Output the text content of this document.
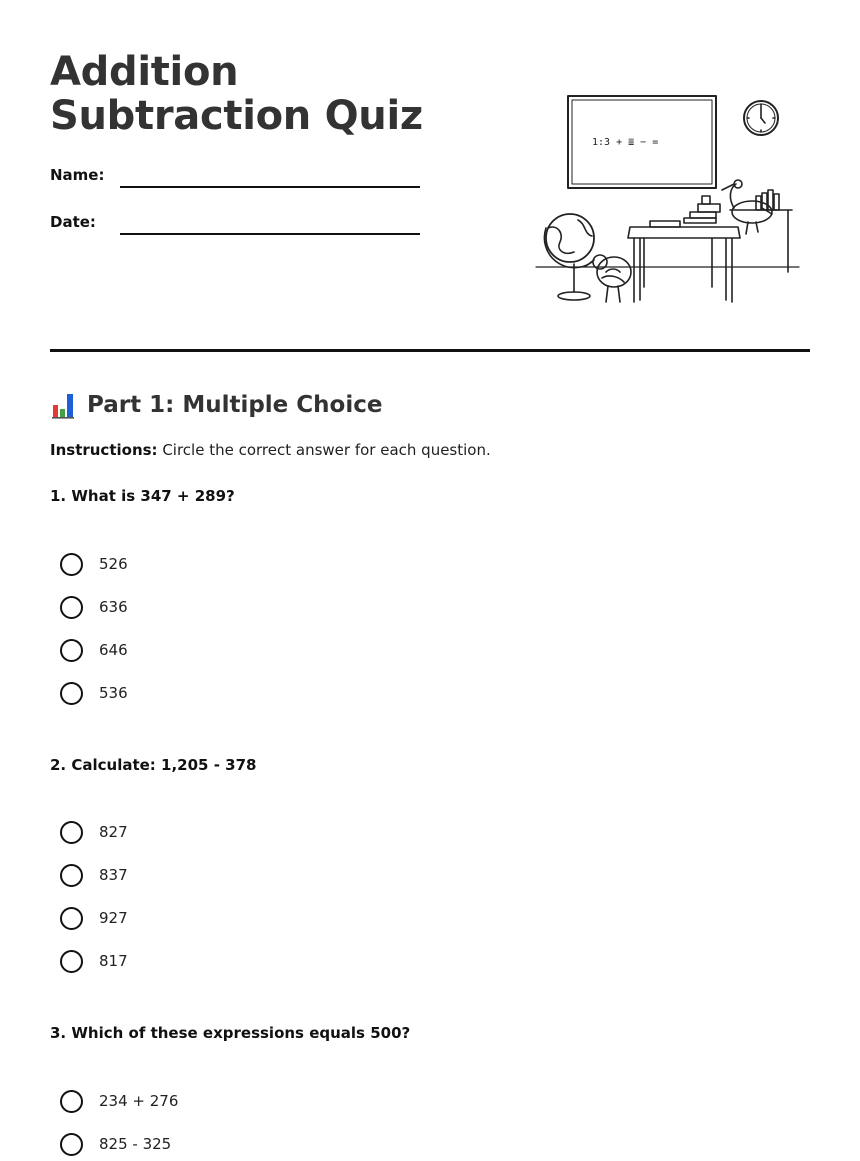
Addition Subtraction Quiz
Name:
Date:
1:3 + ≣ − =
Part 1: Multiple Choice
Instructions: Circle the correct answer for each question.
1. What is 347 + 289?
526
636
646
536
2. Calculate: 1,205 - 378
827
837
927
817
3. Which of these expressions equals 500?
234 + 276
825 - 325
